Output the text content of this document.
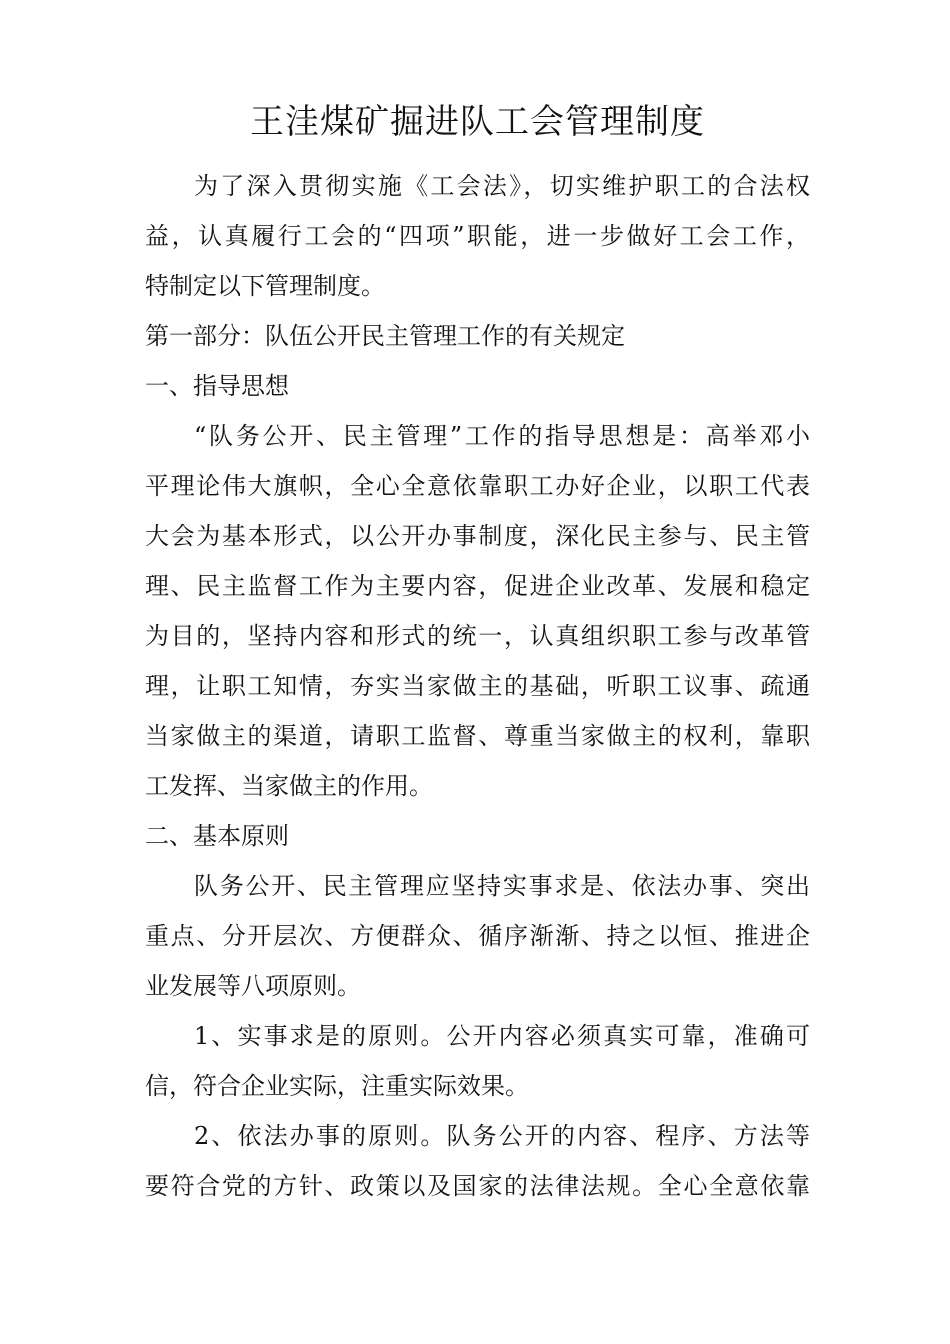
王洼煤矿掘进队工会管理制度
为了深入贯彻实施《工会法》，切实维护职工的合法权
益，认真履行工会的“四项”职能，进一步做好工会工作，
特制定以下管理制度。
第一部分：队伍公开民主管理工作的有关规定
一、指导思想
“队务公开、民主管理”工作的指导思想是：高举邓小
平理论伟大旗帜，全心全意依靠职工办好企业，以职工代表
大会为基本形式，以公开办事制度，深化民主参与、民主管
理、民主监督工作为主要内容，促进企业改革、发展和稳定
为目的，坚持内容和形式的统一，认真组织职工参与改革管
理，让职工知情，夯实当家做主的基础，听职工议事、疏通
当家做主的渠道，请职工监督、尊重当家做主的权利，靠职
工发挥、当家做主的作用。
二、基本原则
队务公开、民主管理应坚持实事求是、依法办事、突出
重点、分开层次、方便群众、循序渐渐、持之以恒、推进企
业发展等八项原则。
1、实事求是的原则。公开内容必须真实可靠，准确可
信，符合企业实际，注重实际效果。
2、依法办事的原则。队务公开的内容、程序、方法等
要符合党的方针、政策以及国家的法律法规。全心全意依靠
